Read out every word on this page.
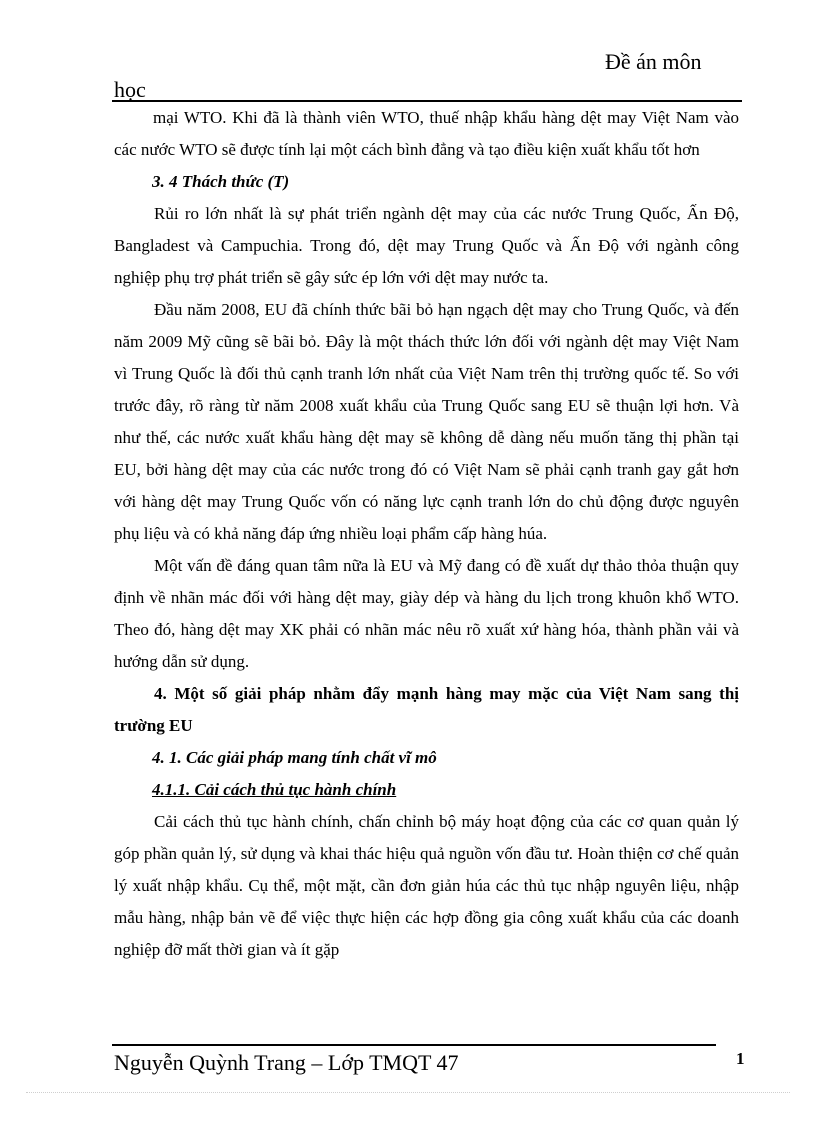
Đề án môn
học

mại WTO. Khi đã là thành viên WTO, thuế nhập khẩu hàng dệt may Việt Nam vào các nước WTO sẽ được tính lại một cách bình đẳng và tạo điều kiện xuất khẩu tốt hơn

3. 4 Thách thức (T)

Rủi ro lớn nhất là sự phát triển ngành dệt may của các nước Trung Quốc, Ấn Độ, Bangladest và Campuchia. Trong đó, dệt may Trung Quốc và Ấn Độ với ngành công nghiệp phụ trợ phát triển sẽ gây sức ép lớn với dệt may nước ta.

Đầu năm 2008, EU đã chính thức bãi bỏ hạn ngạch dệt may cho Trung Quốc, và đến năm 2009 Mỹ cũng sẽ bãi bỏ. Đây là một thách thức lớn đối với ngành dệt may Việt Nam vì Trung Quốc là đối thủ cạnh tranh lớn nhất của Việt Nam trên thị trường quốc tế. So với trước đây, rõ ràng từ năm 2008 xuất khẩu của Trung Quốc sang EU sẽ thuận lợi hơn. Và như thế, các nước xuất khẩu hàng dệt may sẽ không dễ dàng nếu muốn tăng thị phần tại EU, bởi hàng dệt may của các nước trong đó có Việt Nam sẽ phải cạnh tranh gay gắt hơn với hàng dệt may Trung Quốc vốn có năng lực cạnh tranh lớn do chủ động được nguyên phụ liệu và có khả năng đáp ứng nhiều loại phẩm cấp hàng húa.

Một vấn đề đáng quan tâm nữa là EU và Mỹ đang có đề xuất dự thảo thỏa thuận quy định về nhãn mác đối với hàng dệt may, giày dép và hàng du lịch trong khuôn khổ WTO. Theo đó, hàng dệt may XK phải có nhãn mác nêu rõ xuất xứ hàng hóa, thành phần vải và hướng dẫn sử dụng.

4. Một số giải pháp nhằm đẩy mạnh hàng may mặc của Việt Nam sang thị trường EU

4. 1. Các giải pháp mang tính chất vĩ mô

4.1.1. Cải cách thủ tục hành chính

Cải cách thủ tục hành chính, chấn chỉnh bộ máy hoạt động của các cơ quan quản lý góp phần quản lý, sử dụng và khai thác hiệu quả nguồn vốn đầu tư. Hoàn thiện cơ chế quản lý xuất nhập khẩu. Cụ thể, một mặt, cần đơn giản húa các thủ tục nhập nguyên liệu, nhập mẫu hàng, nhập bản vẽ để việc thực hiện các hợp đồng gia công xuất khẩu của các doanh nghiệp đỡ mất thời gian và ít gặp

Nguyễn Quỳnh Trang – Lớp TMQT 47	1
